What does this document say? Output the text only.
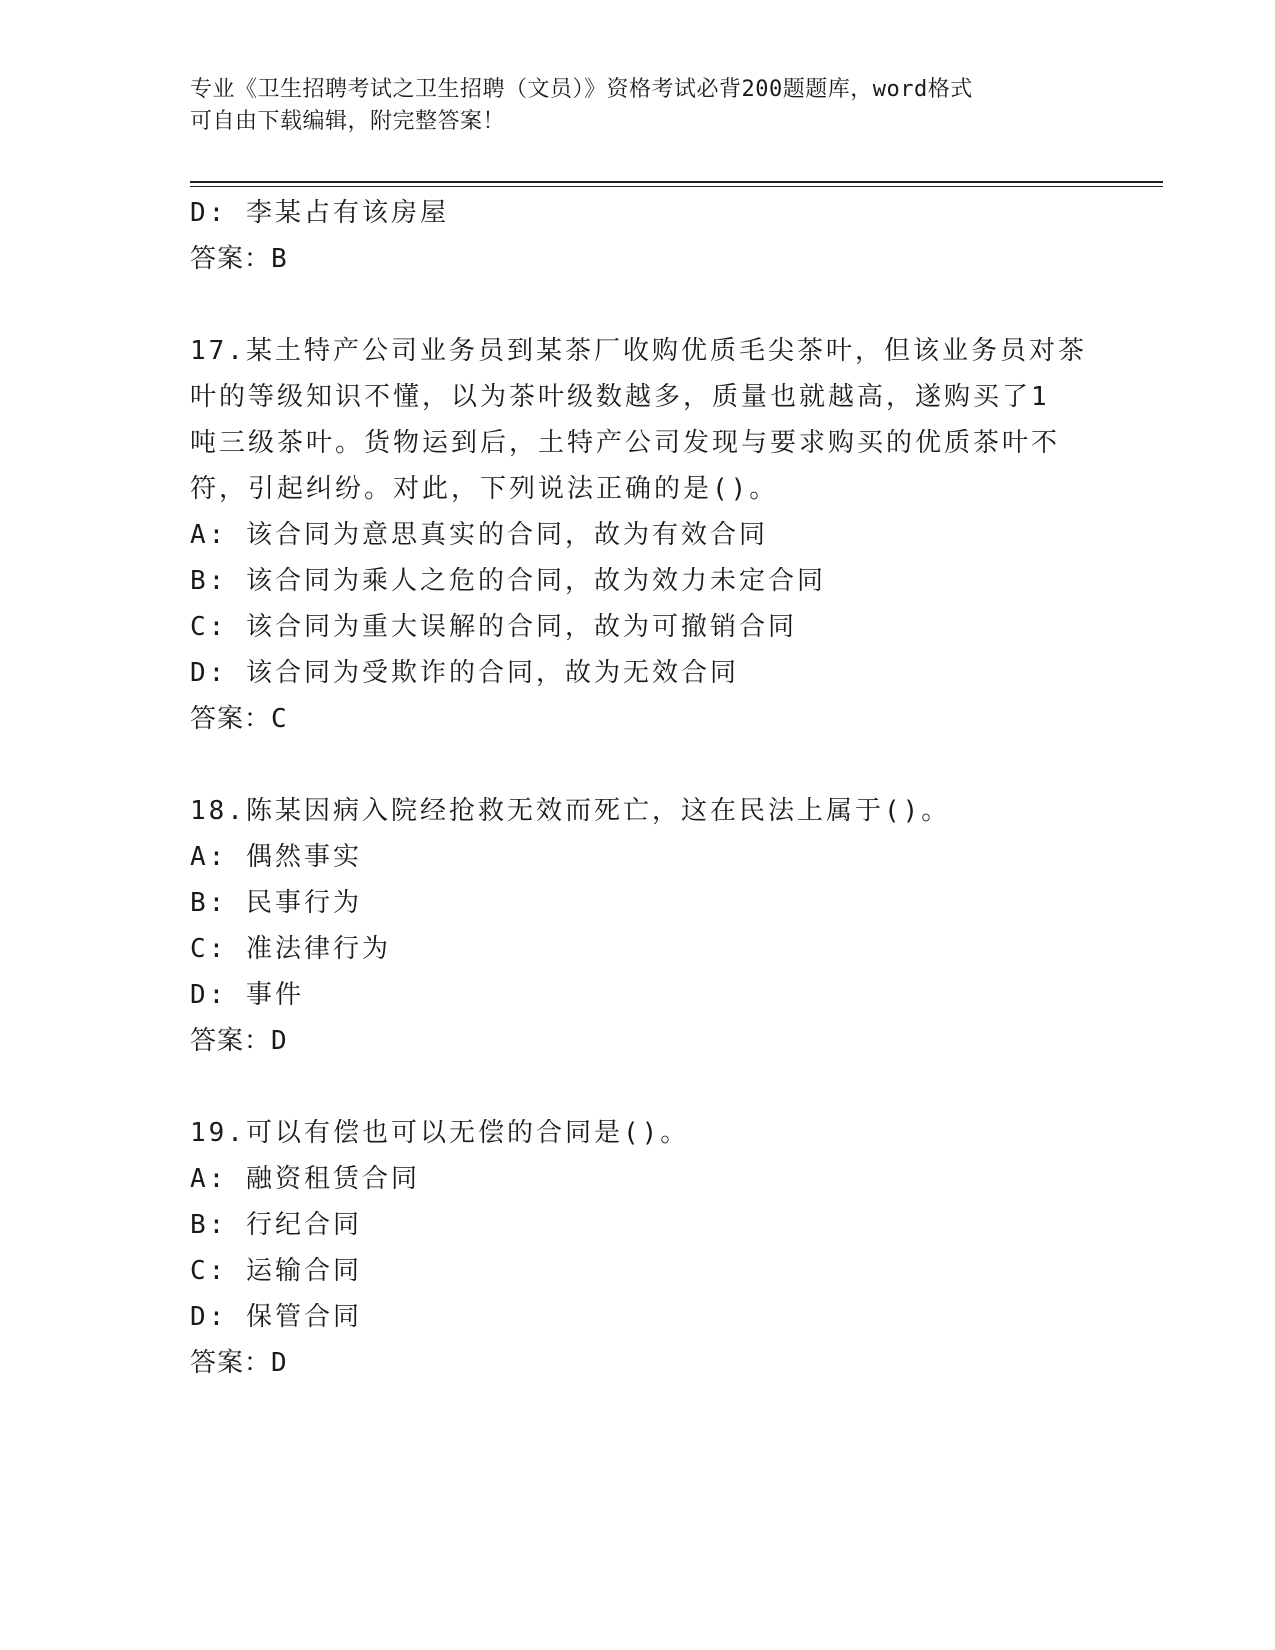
专业《卫生招聘考试之卫生招聘（文员）》资格考试必背200题题库，word格式
可自由下载编辑，附完整答案！
D: 李某占有该房屋
答案：B
17.某土特产公司业务员到某茶厂收购优质毛尖茶叶，但该业务员对茶
叶的等级知识不懂，以为茶叶级数越多，质量也就越高，遂购买了1
吨三级茶叶。货物运到后，土特产公司发现与要求购买的优质茶叶不
符，引起纠纷。对此，下列说法正确的是()。
A: 该合同为意思真实的合同，故为有效合同
B: 该合同为乘人之危的合同，故为效力未定合同
C: 该合同为重大误解的合同，故为可撤销合同
D: 该合同为受欺诈的合同，故为无效合同
答案：C
18.陈某因病入院经抢救无效而死亡，这在民法上属于()。
A: 偶然事实
B: 民事行为
C: 准法律行为
D: 事件
答案：D
19.可以有偿也可以无偿的合同是()。
A: 融资租赁合同
B: 行纪合同
C: 运输合同
D: 保管合同
答案：D
